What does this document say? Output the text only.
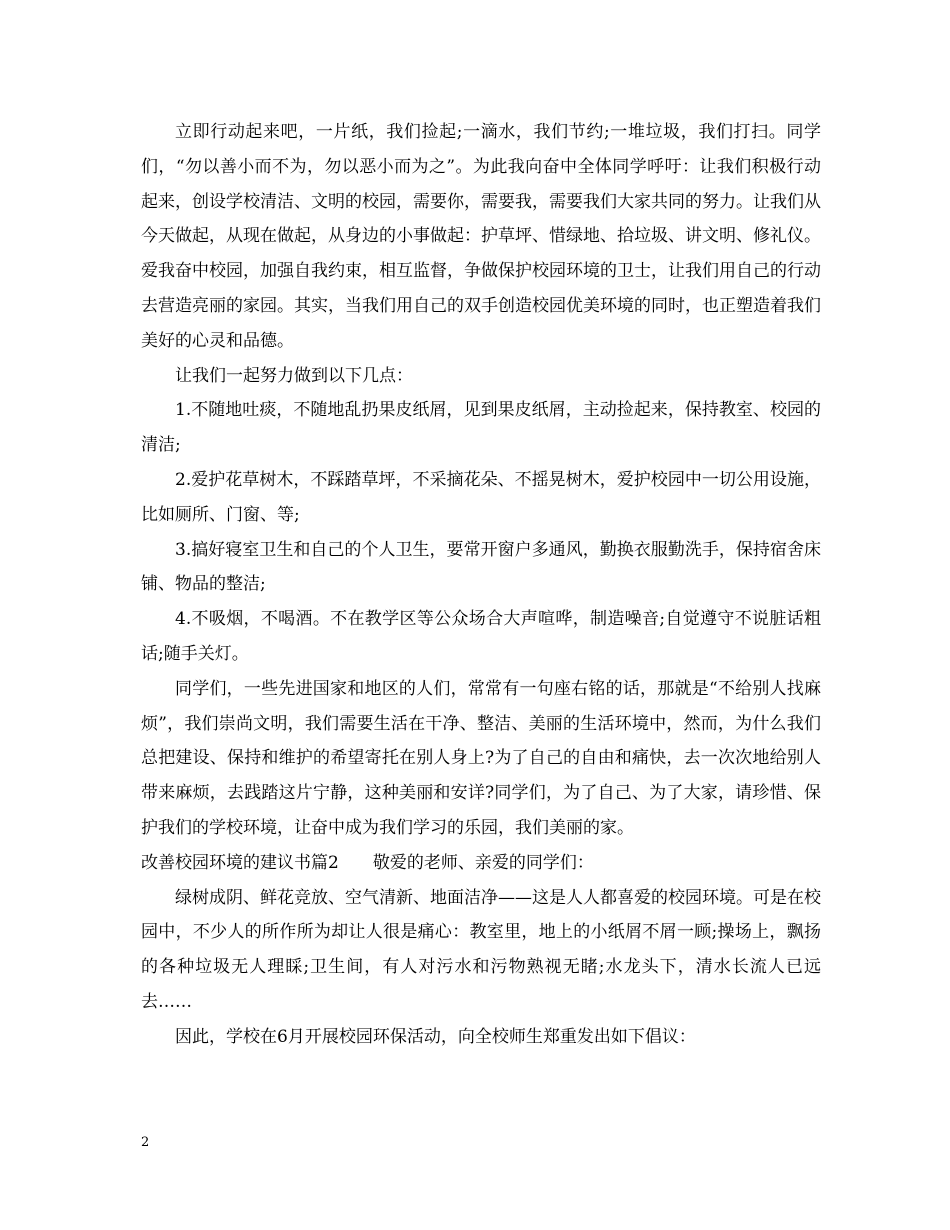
立即行动起来吧，一片纸，我们捡起;一滴水，我们节约;一堆垃圾，我们打扫。同学们，“勿以善小而不为，勿以恶小而为之”。为此我向奋中全体同学呼吁：让我们积极行动起来，创设学校清洁、文明的校园，需要你，需要我，需要我们大家共同的努力。让我们从今天做起，从现在做起，从身边的小事做起：护草坪、惜绿地、拾垃圾、讲文明、修礼仪。爱我奋中校园，加强自我约束，相互监督，争做保护校园环境的卫士，让我们用自己的行动去营造亮丽的家园。其实，当我们用自己的双手创造校园优美环境的同时，也正塑造着我们美好的心灵和品德。

让我们一起努力做到以下几点：

1.不随地吐痰，不随地乱扔果皮纸屑，见到果皮纸屑，主动捡起来，保持教室、校园的清洁;

2.爱护花草树木，不踩踏草坪，不采摘花朵、不摇晃树木，爱护校园中一切公用设施，比如厕所、门窗、等;

3.搞好寝室卫生和自己的个人卫生，要常开窗户多通风，勤换衣服勤洗手，保持宿舍床铺、物品的整洁;

4.不吸烟，不喝酒。不在教学区等公众场合大声喧哗，制造噪音;自觉遵守不说脏话粗话;随手关灯。

同学们，一些先进国家和地区的人们，常常有一句座右铭的话，那就是“不给别人找麻烦”，我们崇尚文明，我们需要生活在干净、整洁、美丽的生活环境中，然而，为什么我们总把建设、保持和维护的希望寄托在别人身上?为了自己的自由和痛快，去一次次地给别人带来麻烦，去践踏这片宁静，这种美丽和安详?同学们，为了自己、为了大家，请珍惜、保护我们的学校环境，让奋中成为我们学习的乐园，我们美丽的家。

改善校园环境的建议书篇2　　敬爱的老师、亲爱的同学们：

绿树成阴、鲜花竞放、空气清新、地面洁净——这是人人都喜爱的校园环境。可是在校园中，不少人的所作所为却让人很是痛心：教室里，地上的小纸屑不屑一顾;操场上，飘扬的各种垃圾无人理睬;卫生间，有人对污水和污物熟视无睹;水龙头下，清水长流人已远去……

因此，学校在6月开展校园环保活动，向全校师生郑重发出如下倡议：

2
